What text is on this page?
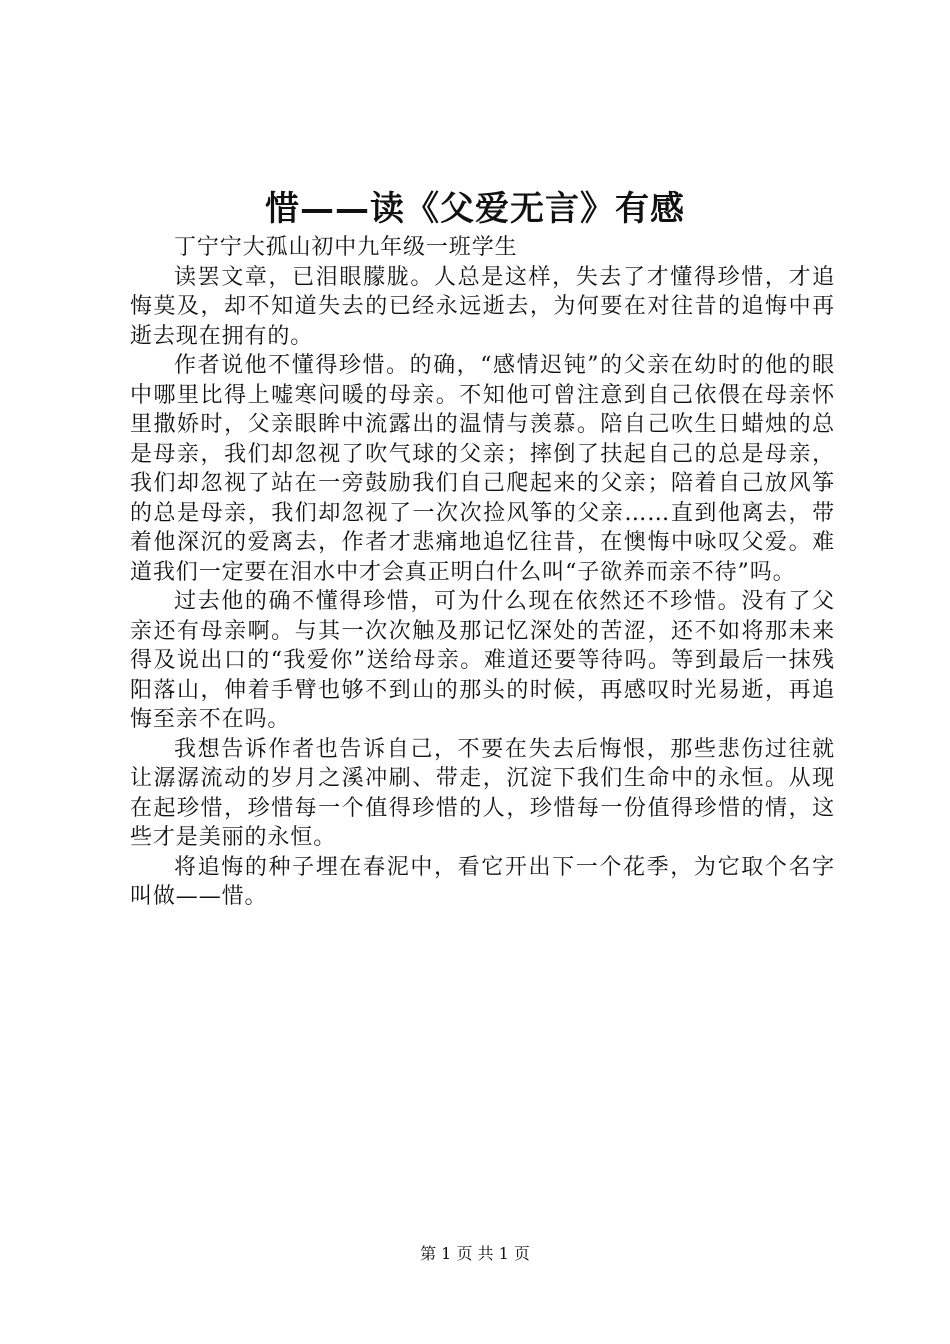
惜——读《父爱无言》有感
丁宁宁大孤山初中九年级一班学生

读罢文章，已泪眼朦胧。人总是这样，失去了才懂得珍惜，才追悔莫及，却不知道失去的已经永远逝去，为何要在对往昔的追悔中再逝去现在拥有的。

作者说他不懂得珍惜。的确，“感情迟钝”的父亲在幼时的他的眼中哪里比得上嘘寒问暖的母亲。不知他可曾注意到自己依偎在母亲怀里撒娇时，父亲眼眸中流露出的温情与羡慕。陪自己吹生日蜡烛的总是母亲，我们却忽视了吹气球的父亲；摔倒了扶起自己的总是母亲，我们却忽视了站在一旁鼓励我们自己爬起来的父亲；陪着自己放风筝的总是母亲，我们却忽视了一次次捡风筝的父亲……直到他离去，带着他深沉的爱离去，作者才悲痛地追忆往昔，在懊悔中咏叹父爱。难道我们一定要在泪水中才会真正明白什么叫“子欲养而亲不待”吗。

过去他的确不懂得珍惜，可为什么现在依然还不珍惜。没有了父亲还有母亲啊。与其一次次触及那记忆深处的苦涩，还不如将那未来得及说出口的“我爱你”送给母亲。难道还要等待吗。等到最后一抹残阳落山，伸着手臂也够不到山的那头的时候，再感叹时光易逝，再追悔至亲不在吗。

我想告诉作者也告诉自己，不要在失去后悔恨，那些悲伤过往就让潺潺流动的岁月之溪冲刷、带走，沉淀下我们生命中的永恒。从现在起珍惜，珍惜每一个值得珍惜的人，珍惜每一份值得珍惜的情，这些才是美丽的永恒。

将追悔的种子埋在春泥中，看它开出下一个花季，为它取个名字叫做——惜。

第 1 页 共 1 页
